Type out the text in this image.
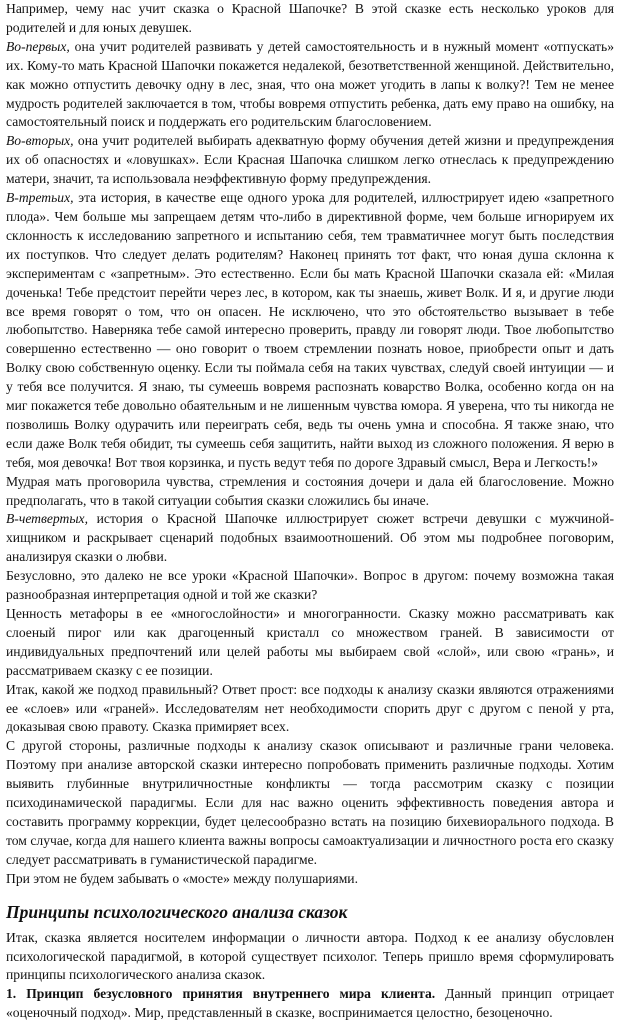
Например, чему нас учит сказка о Красной Шапочке? В этой сказке есть несколько уроков для родителей и для юных девушек.

Во-первых, она учит родителей развивать у детей самостоятельность и в нужный момент «отпускать» их. Кому-то мать Красной Шапочки покажется недалекой, безответственной женщиной. Действительно, как можно отпустить девочку одну в лес, зная, что она может угодить в лапы к волку?! Тем не менее мудрость родителей заключается в том, чтобы вовремя отпустить ребенка, дать ему право на ошибку, на самостоятельный поиск и поддержать его родительским благословением.

Во-вторых, она учит родителей выбирать адекватную форму обучения детей жизни и предупреждения их об опасностях и «ловушках». Если Красная Шапочка слишком легко отнеслась к предупреждению матери, значит, та использовала неэффективную форму предупреждения.

В-третьих, эта история, в качестве еще одного урока для родителей, иллюстрирует идею «запретного плода». Чем больше мы запрещаем детям что-либо в директивной форме, чем больше игнорируем их склонность к исследованию запретного и испытанию себя, тем травматичнее могут быть последствия их поступков. Что следует делать родителям? Наконец принять тот факт, что юная душа склонна к экспериментам с «запретным». Это естественно. Если бы мать Красной Шапочки сказала ей: «Милая доченька! Тебе предстоит перейти через лес, в котором, как ты знаешь, живет Волк. И я, и другие люди все время говорят о том, что он опасен. Не исключено, что это обстоятельство вызывает в тебе любопытство. Наверняка тебе самой интересно проверить, правду ли говорят люди. Твое любопытство совершенно естественно — оно говорит о твоем стремлении познать новое, приобрести опыт и дать Волку свою собственную оценку. Если ты поймала себя на таких чувствах, следуй своей интуиции — и у тебя все получится. Я знаю, ты сумеешь вовремя распознать коварство Волка, особенно когда он на миг покажется тебе довольно обаятельным и не лишенным чувства юмора. Я уверена, что ты никогда не позволишь Волку одурачить или переиграть себя, ведь ты очень умна и способна. Я также знаю, что если даже Волк тебя обидит, ты сумеешь себя защитить, найти выход из сложного положения. Я верю в тебя, моя девочка! Вот твоя корзинка, и пусть ведут тебя по дороге Здравый смысл, Вера и Легкость!»

Мудрая мать проговорила чувства, стремления и состояния дочери и дала ей благословение. Можно предполагать, что в такой ситуации события сказки сложились бы иначе.

В-четвертых, история о Красной Шапочке иллюстрирует сюжет встречи девушки с мужчиной-хищником и раскрывает сценарий подобных взаимоотношений. Об этом мы подробнее поговорим, анализируя сказки о любви.

Безусловно, это далеко не все уроки «Красной Шапочки». Вопрос в другом: почему возможна такая разнообразная интерпретация одной и той же сказки?

Ценность метафоры в ее «многослойности» и многогранности. Сказку можно рассматривать как слоеный пирог или как драгоценный кристалл со множеством граней. В зависимости от индивидуальных предпочтений или целей работы мы выбираем свой «слой», или свою «грань», и рассматриваем сказку с ее позиции.

Итак, какой же подход правильный? Ответ прост: все подходы к анализу сказки являются отражениями ее «слоев» или «граней». Исследователям нет необходимости спорить друг с другом с пеной у рта, доказывая свою правоту. Сказка примиряет всех.

С другой стороны, различные подходы к анализу сказок описывают и различные грани человека. Поэтому при анализе авторской сказки интересно попробовать применить различные подходы. Хотим выявить глубинные внутриличностные конфликты — тогда рассмотрим сказку с позиции психодинамической парадигмы. Если для нас важно оценить эффективность поведения автора и составить программу коррекции, будет целесообразно встать на позицию бихевиорального подхода. В том случае, когда для нашего клиента важны вопросы самоактуализации и личностного роста его сказку следует рассматривать в гуманистической парадигме.

При этом не будем забывать о «мосте» между полушариями.

Принципы психологического анализа сказок

Итак, сказка является носителем информации о личности автора. Подход к ее анализу обусловлен психологической парадигмой, в которой существует психолог. Теперь пришло время сформулировать принципы психологического анализа сказок.

1. Принцип безусловного принятия внутреннего мира клиента. Данный принцип отрицает «оценочный подход». Мир, представленный в сказке, воспринимается целостно, безоценочно.
